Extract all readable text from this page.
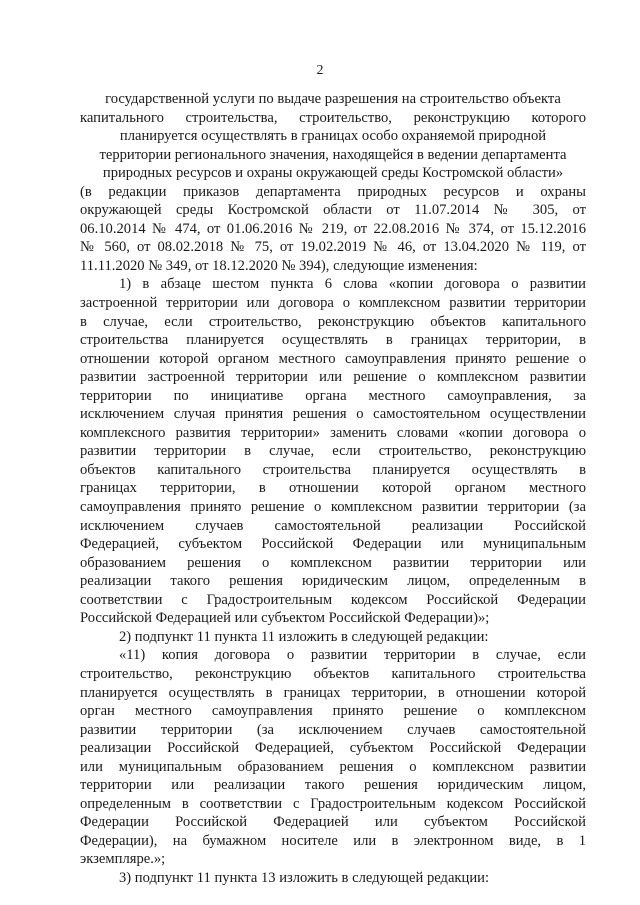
2

государственной услуги по выдаче разрешения на строительство объекта

капитального строительства, строительство, реконструкцию которого

планируется осуществлять в границах особо охраняемой природной

территории регионального значения, находящейся в ведении департамента

природных ресурсов и охраны окружающей среды Костромской области»

(в редакции приказов департамента природных ресурсов и охраны

окружающей среды Костромской области от 11.07.2014 № 305, от

06.10.2014 № 474, от 01.06.2016 № 219, от 22.08.2016 № 374, от 15.12.2016

№ 560, от 08.02.2018 № 75, от 19.02.2019 № 46, от 13.04.2020 № 119, от

11.11.2020 № 349, от 18.12.2020 № 394), следующие изменения:

1) в абзаце шестом пункта 6 слова «копии договора о развитии

застроенной территории или договора о комплексном развитии территории

в случае, если строительство, реконструкцию объектов капитального

строительства планируется осуществлять в границах территории, в

отношении которой органом местного самоуправления принято решение о

развитии застроенной территории или решение о комплексном развитии

территории по инициативе органа местного самоуправления, за

исключением случая принятия решения о самостоятельном осуществлении

комплексного развития территории» заменить словами «копии договора о

развитии территории в случае, если строительство, реконструкцию

объектов капитального строительства планируется осуществлять в

границах территории, в отношении которой органом местного

самоуправления принято решение о комплексном развитии территории (за

исключением случаев самостоятельной реализации Российской

Федерацией, субъектом Российской Федерации или муниципальным

образованием решения о комплексном развитии территории или

реализации такого решения юридическим лицом, определенным в

соответствии с Градостроительным кодексом Российской Федерации

Российской Федерацией или субъектом Российской Федерации)»;

2) подпункт 11 пункта 11 изложить в следующей редакции:

«11) копия договора о развитии территории в случае, если

строительство, реконструкцию объектов капитального строительства

планируется осуществлять в границах территории, в отношении которой

орган местного самоуправления принято решение о комплексном

развитии территории (за исключением случаев самостоятельной

реализации Российской Федерацией, субъектом Российской Федерации

или муниципальным образованием решения о комплексном развитии

территории или реализации такого решения юридическим лицом,

определенным в соответствии с Градостроительным кодексом Российской

Федерации Российской Федерацией или субъектом Российской

Федерации), на бумажном носителе или в электронном виде, в 1

экземпляре.»;

3) подпункт 11 пункта 13 изложить в следующей редакции:
